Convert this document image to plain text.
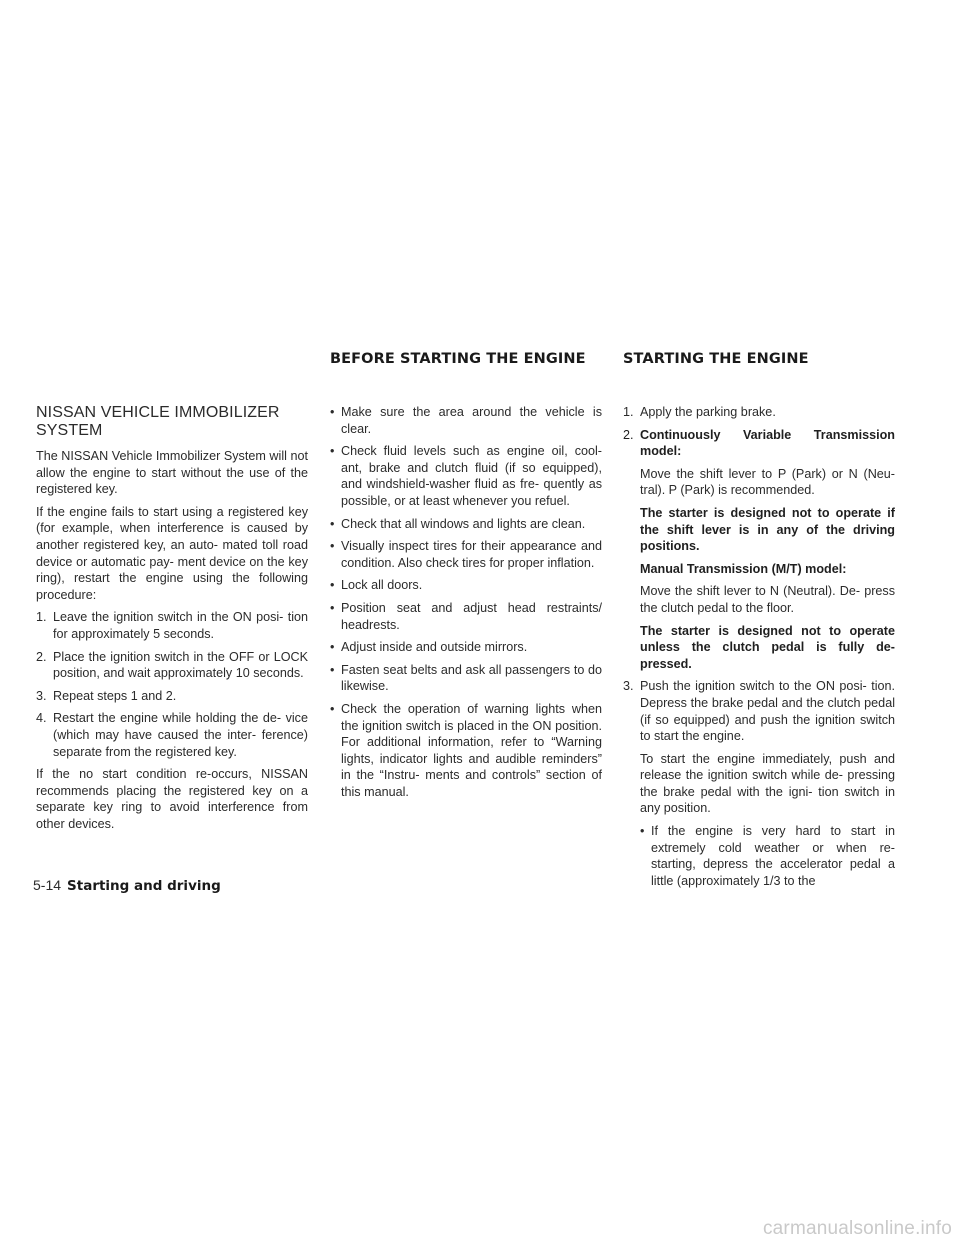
BEFORE STARTING THE ENGINE	STARTING THE ENGINE
NISSAN VEHICLE IMMOBILIZER
SYSTEM

The NISSAN Vehicle Immobilizer System will not allow the engine to start without the use of the registered key.

If the engine fails to start using a registered key (for example, when interference is caused by another registered key, an auto- mated toll road device or automatic pay- ment device on the key ring), restart the engine using the following procedure:

1. Leave the ignition switch in the ON posi- tion for approximately 5 seconds.
2. Place the ignition switch in the OFF or LOCK position, and wait approximately 10 seconds.
3. Repeat steps 1 and 2.
4. Restart the engine while holding the de- vice (which may have caused the inter- ference) separate from the registered key.

If the no start condition re-occurs, NISSAN recommends placing the registered key on a separate key ring to avoid interference from other devices.

• Make sure the area around the vehicle is clear.
• Check fluid levels such as engine oil, cool- ant, brake and clutch fluid (if so equipped), and windshield-washer fluid as fre- quently as possible, or at least whenever you refuel.
• Check that all windows and lights are clean.
• Visually inspect tires for their appearance and condition. Also check tires for proper inflation.
• Lock all doors.
• Position seat and adjust head restraints/ headrests.
• Adjust inside and outside mirrors.
• Fasten seat belts and ask all passengers to do likewise.
• Check the operation of warning lights when the ignition switch is placed in the ON position. For additional information, refer to “Warning lights, indicator lights and audible reminders” in the “Instru- ments and controls” section of this manual.
1. Apply the parking brake.
2. Continuously Variable Transmission model:
Move the shift lever to P (Park) or N (Neu- tral). P (Park) is recommended.
The starter is designed not to operate if the shift lever is in any of the driving positions.
Manual Transmission (M/T) model:
Move the shift lever to N (Neutral). De- press the clutch pedal to the floor.
The starter is designed not to operate unless the clutch pedal is fully de- pressed.
3. Push the ignition switch to the ON posi- tion. Depress the brake pedal and the clutch pedal (if so equipped) and push the ignition switch to start the engine.
To start the engine immediately, push and release the ignition switch while de- pressing the brake pedal with the igni- tion switch in any position.
• If the engine is very hard to start in extremely cold weather or when re- starting, depress the accelerator pedal a little (approximately 1/3 to the
5-14 Starting and driving
carmanualsonline.info
